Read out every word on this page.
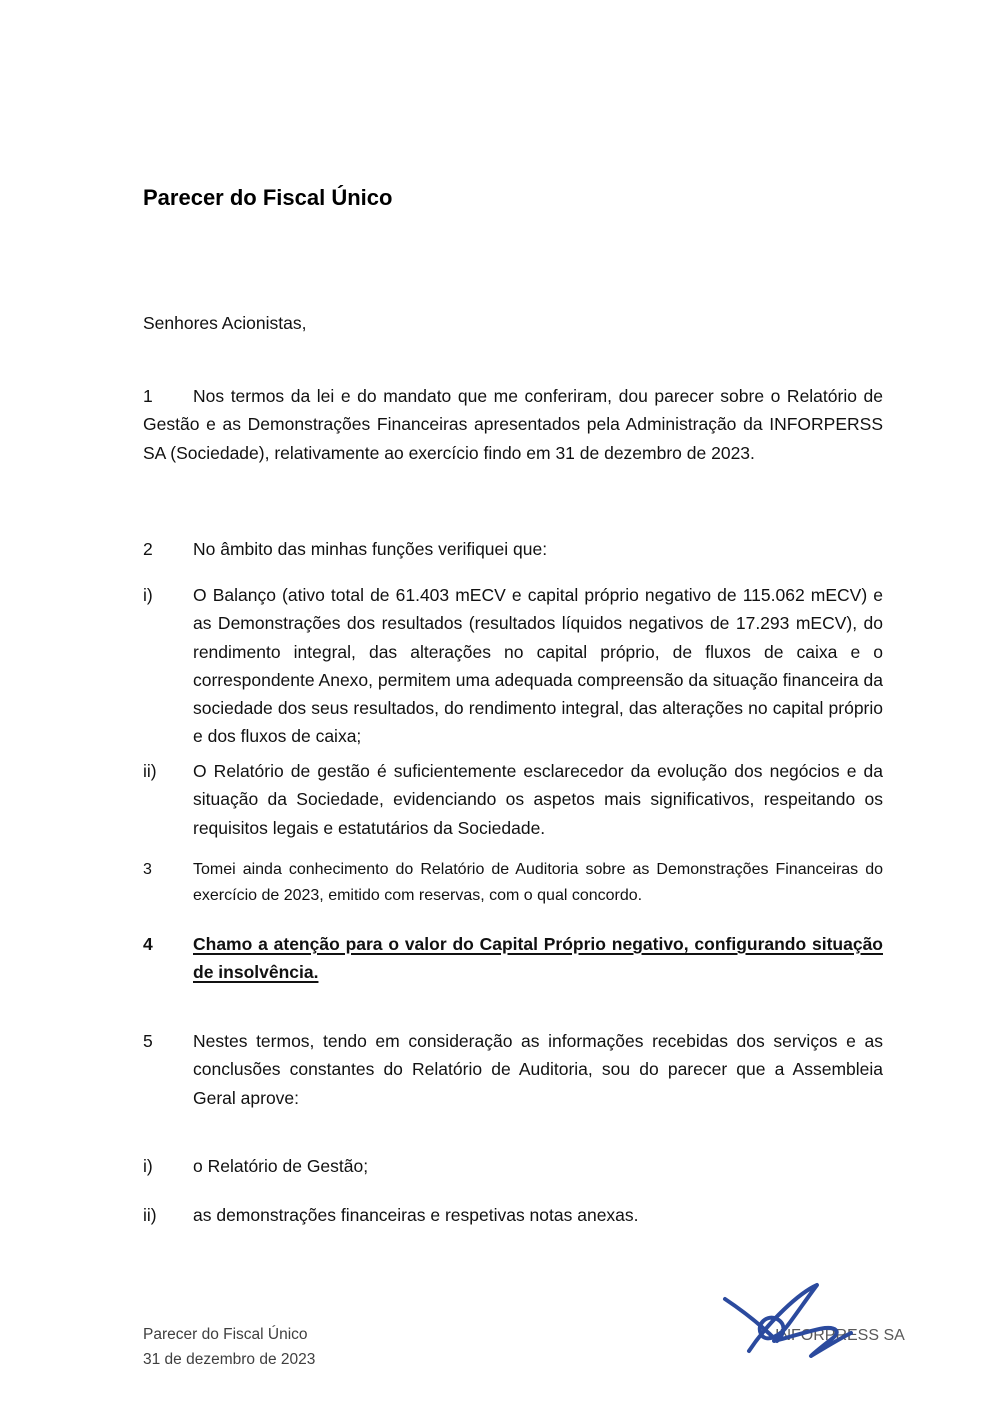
Parecer do Fiscal Único

Senhores Acionistas,

1 Nos termos da lei e do mandato que me conferiram, dou parecer sobre o Relatório de Gestão e as Demonstrações Financeiras apresentados pela Administração da INFORPERSS SA (Sociedade), relativamente ao exercício findo em 31 de dezembro de 2023.
2	No âmbito das minhas funções verifiquei que:
i)	O Balanço (ativo total de 61.403 mECV e capital próprio negativo de 115.062 mECV) e as Demonstrações dos resultados (resultados líquidos negativos de 17.293 mECV), do rendimento integral, das alterações no capital próprio, de fluxos de caixa e o correspondente Anexo, permitem uma adequada compreensão da situação financeira da sociedade dos seus resultados, do rendimento integral, das alterações no capital próprio e dos fluxos de caixa;
ii)	O Relatório de gestão é suficientemente esclarecedor da evolução dos negócios e da situação da Sociedade, evidenciando os aspetos mais significativos, respeitando os requisitos legais e estatutários da Sociedade.
3	Tomei ainda conhecimento do Relatório de Auditoria sobre as Demonstrações Financeiras do exercício de 2023, emitido com reservas, com o qual concordo.
4	Chamo a atenção para o valor do Capital Próprio negativo, configurando situação de insolvência.
5	Nestes termos, tendo em consideração as informações recebidas dos serviços e as conclusões constantes do Relatório de Auditoria, sou do parecer que a Assembleia Geral aprove:
i)	o Relatório de Gestão;
ii)	as demonstrações financeiras e respetivas notas anexas.
Parecer do Fiscal Único
31 de dezembro de 2023
INFORPRESS SA
